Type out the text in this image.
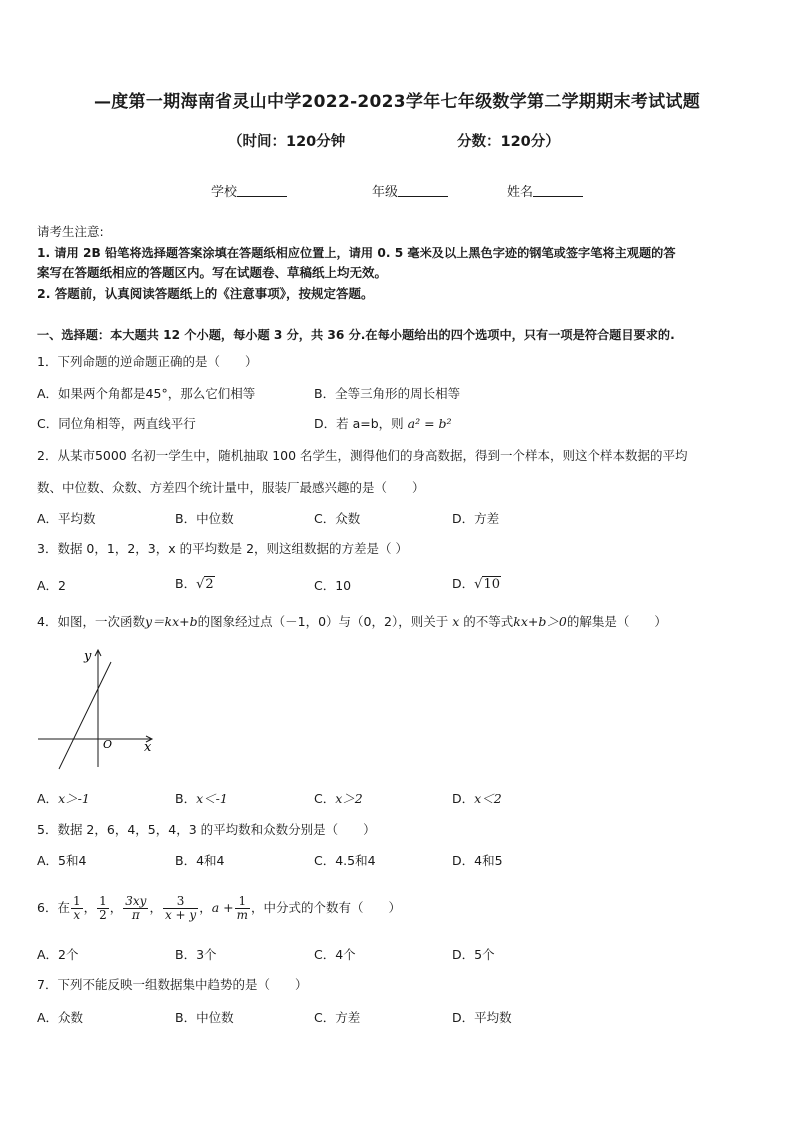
—度第一期海南省灵山中学2022-2023学年七年级数学第二学期期末考试试题
（时间：120分钟	分数：120分）
学校	年级	姓名
请考生注意:
1. 请用 2B 铅笔将选择题答案涂填在答题纸相应位置上，请用 0. 5 毫米及以上黑色字迹的钢笔或签字笔将主观题的答
案写在答题纸相应的答题区内。写在试题卷、草稿纸上均无效。
2. 答题前，认真阅读答题纸上的《注意事项》，按规定答题。
一、选择题：本大题共 12 个小题，每小题 3 分，共 36 分.在每小题给出的四个选项中，只有一项是符合题目要求的.
1．下列命题的逆命题正确的是（　　）
A．如果两个角都是45°，那么它们相等	B．全等三角形的周长相等
C．同位角相等，两直线平行	D．若 a=b，则 a² = b²
2．从某市5000 名初一学生中，随机抽取 100 名学生，测得他们的身高数据，得到一个样本，则这个样本数据的平均
数、中位数、众数、方差四个统计量中，服装厂最感兴趣的是（　　）
A．平均数	B．中位数	C．众数	D．方差
3．数据 0，1，2，3，x 的平均数是 2，则这组数据的方差是（ ）
A．2	B．√2	C．10	D．√10
4．如图，一次函数y＝kx+b的图象经过点（－1，0）与（0，2），则关于 x 的不等式kx+b＞0的解集是（　　）
y
x
O
A．x＞-1	B．x＜-1	C．x＞2	D．x＜2
5．数据 2，6，4，5，4，3 的平均数和众数分别是（　　）
A．5和4	B．4和4	C．4.5和4	D．4和5
6．在 $\frac{1}{x}$ ， $\frac{1}{2}$ ， $\frac{3xy}{\pi}$ ， $\frac{3}{x + y}$ ，$a + \frac{1}{m}$ ，中分式的个数有（　　）
A．2个	B．3个	C．4个	D．5个
7．下列不能反映一组数据集中趋势的是（　　）
A．众数	B．中位数	C．方差	D．平均数
